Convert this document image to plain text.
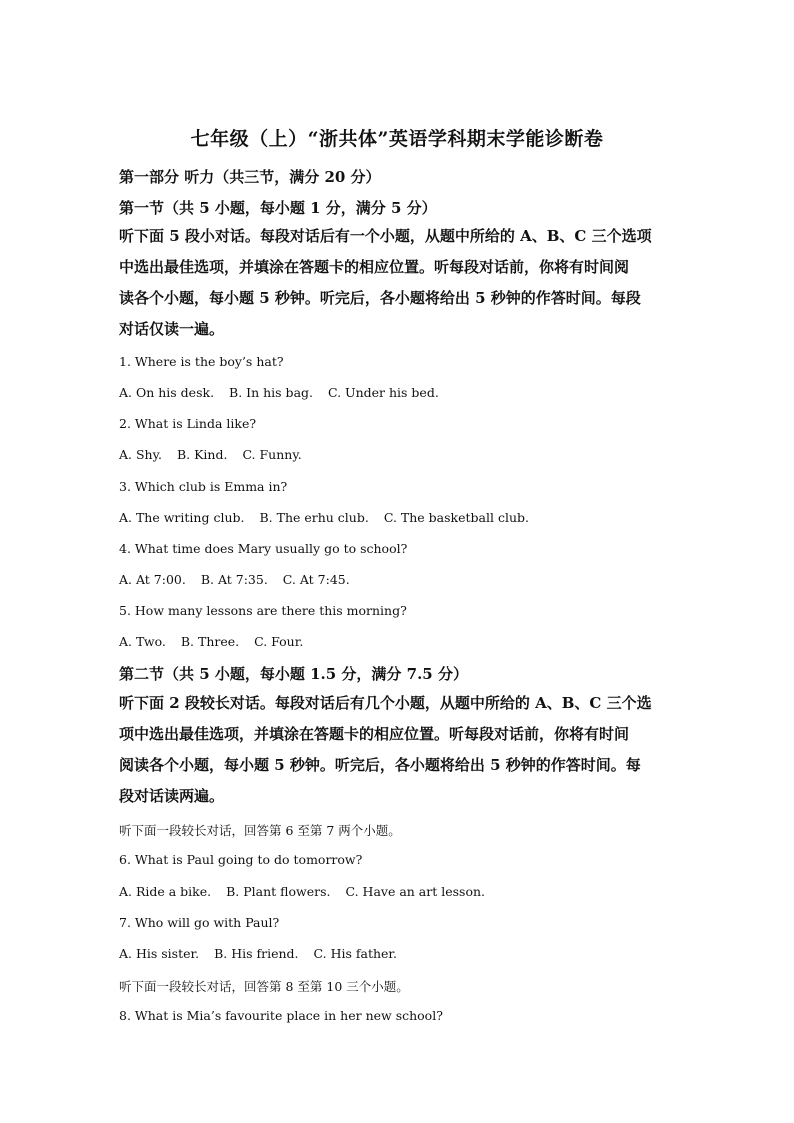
七年级（上）“浙共体”英语学科期末学能诊断卷
第一部分 听力（共三节，满分 20 分）
第一节（共 5 小题，每小题 1 分，满分 5 分）
听下面 5 段小对话。每段对话后有一个小题，从题中所给的 A、B、C 三个选项
中选出最佳选项，并填涂在答题卡的相应位置。听每段对话前，你将有时间阅
读各个小题，每小题 5 秒钟。听完后，各小题将给出 5 秒钟的作答时间。每段
对话仅读一遍。
1. Where is the boy’s hat?
A. On his desk. B. In his bag. C. Under his bed.
2. What is Linda like?
A. Shy. B. Kind. C. Funny.
3. Which club is Emma in?
A. The writing club. B. The erhu club. C. The basketball club.
4. What time does Mary usually go to school?
A. At 7:00. B. At 7:35. C. At 7:45.
5. How many lessons are there this morning?
A. Two. B. Three. C. Four.
第二节（共 5 小题，每小题 1.5 分，满分 7.5 分）
听下面 2 段较长对话。每段对话后有几个小题，从题中所给的 A、B、C 三个选
项中选出最佳选项，并填涂在答题卡的相应位置。听每段对话前，你将有时间
阅读各个小题，每小题 5 秒钟。听完后，各小题将给出 5 秒钟的作答时间。每
段对话读两遍。
听下面一段较长对话，回答第 6 至第 7 两个小题。
6. What is Paul going to do tomorrow?
A. Ride a bike. B. Plant flowers. C. Have an art lesson.
7. Who will go with Paul?
A. His sister. B. His friend. C. His father.
听下面一段较长对话，回答第 8 至第 10 三个小题。
8. What is Mia’s favourite place in her new school?
